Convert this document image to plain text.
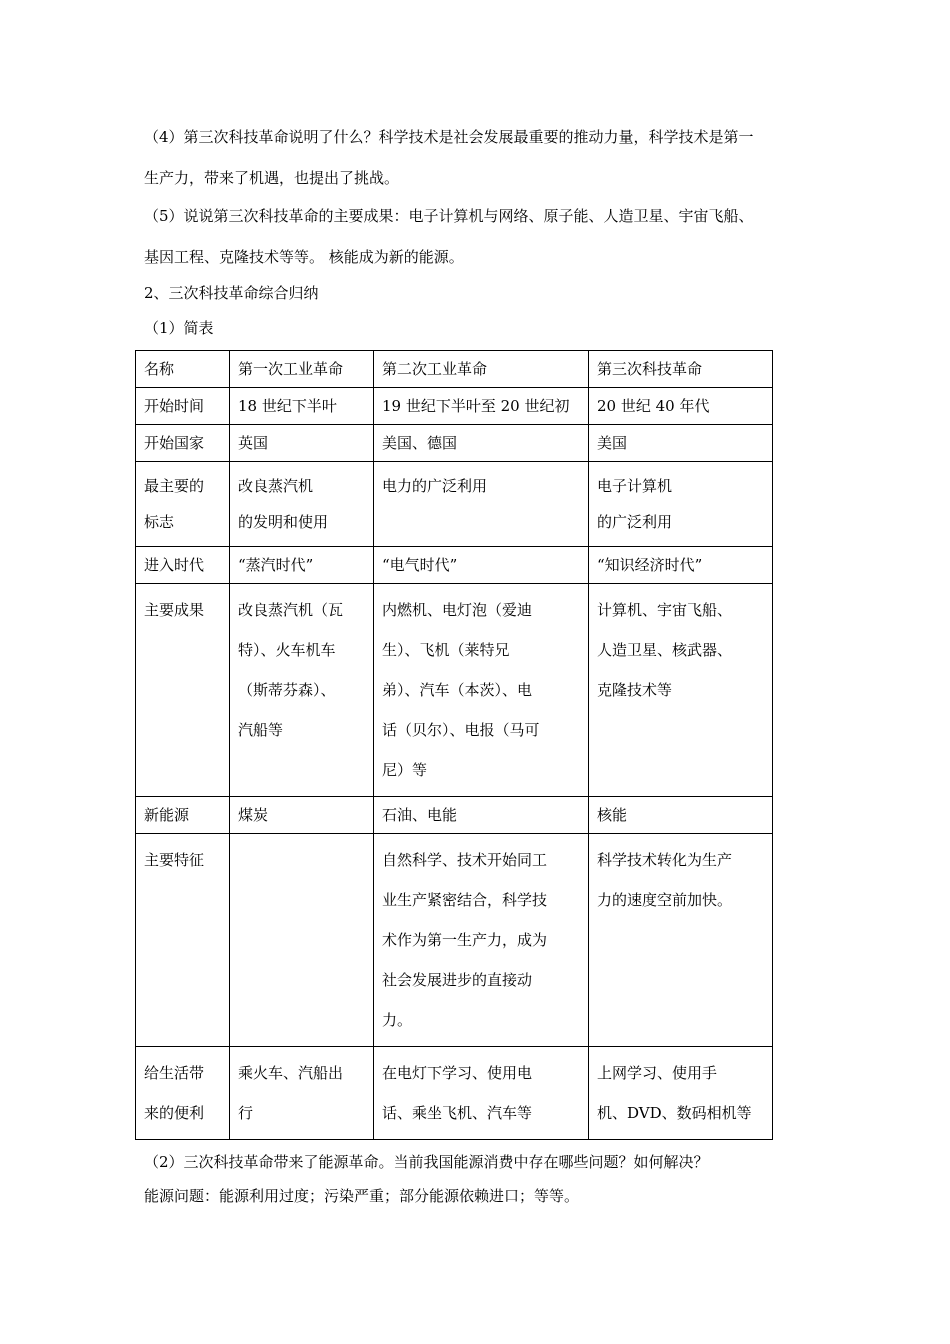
（4）第三次科技革命说明了什么？科学技术是社会发展最重要的推动力量，科学技术是第一
生产力，带来了机遇，也提出了挑战。
（5）说说第三次科技革命的主要成果：电子计算机与网络、原子能、人造卫星、宇宙飞船、
基因工程、克隆技术等等。 核能成为新的能源。
2、三次科技革命综合归纳
（1）简表
名称	第一次工业革命	第二次工业革命	第三次科技革命
开始时间	18 世纪下半叶	19 世纪下半叶至 20 世纪初	20 世纪 40 年代
开始国家	英国	美国、德国	美国

最主要的
标志	改良蒸汽机
的发明和使用	电力的广泛利用	电子计算机
的广泛利用

进入时代	“蒸汽时代”	“电气时代”	“知识经济时代”
主要成果	改良蒸汽机（瓦
特）、火车机车
（斯蒂芬森）、
汽船等	内燃机、电灯泡（爱迪
生）、飞机（莱特兄
弟）、汽车（本茨）、电
话（贝尔）、电报（马可
尼）等	计算机、宇宙飞船、
人造卫星、核武器、
克隆技术等

新能源	煤炭	石油、电能	核能
主要特征		自然科学、技术开始同工
业生产紧密结合，科学技
术作为第一生产力，成为
社会发展进步的直接动
力。	科学技术转化为生产
力的速度空前加快。

给生活带
来的便利	乘火车、汽船出
行	在电灯下学习、使用电
话、乘坐飞机、汽车等	上网学习、使用手
机、DVD、数码相机等
（2）三次科技革命带来了能源革命。当前我国能源消费中存在哪些问题？如何解决？
能源问题：能源利用过度；污染严重；部分能源依赖进口；等等。
